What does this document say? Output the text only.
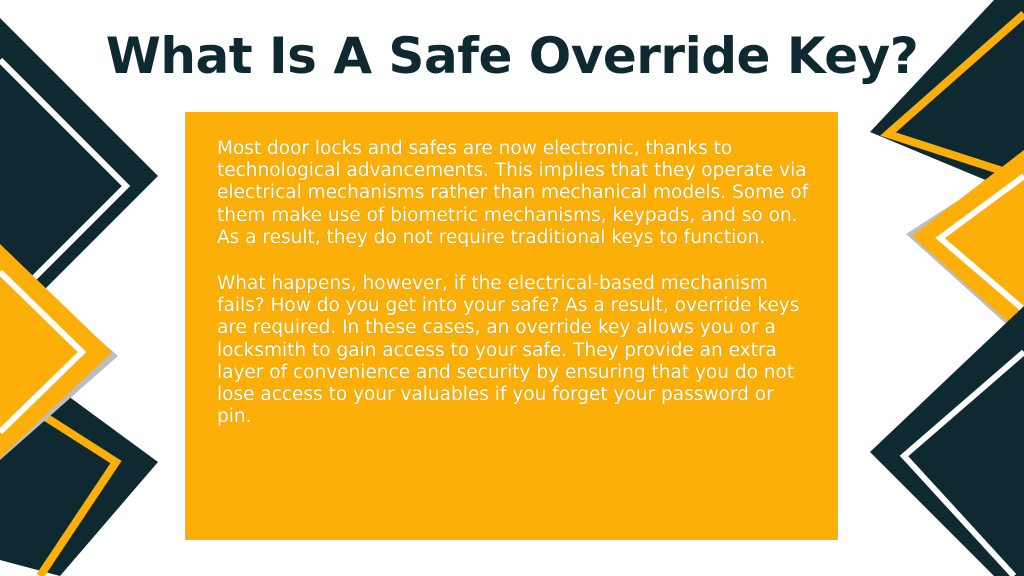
What Is A Safe Override Key?

Most door locks and safes are now electronic, thanks to technological advancements. This implies that they operate via electrical mechanisms rather than mechanical models. Some of them make use of biometric mechanisms, keypads, and so on. As a result, they do not require traditional keys to function.

What happens, however, if the electrical-based mechanism fails? How do you get into your safe? As a result, override keys are required. In these cases, an override key allows you or a locksmith to gain access to your safe. They provide an extra layer of convenience and security by ensuring that you do not lose access to your valuables if you forget your password or pin.
